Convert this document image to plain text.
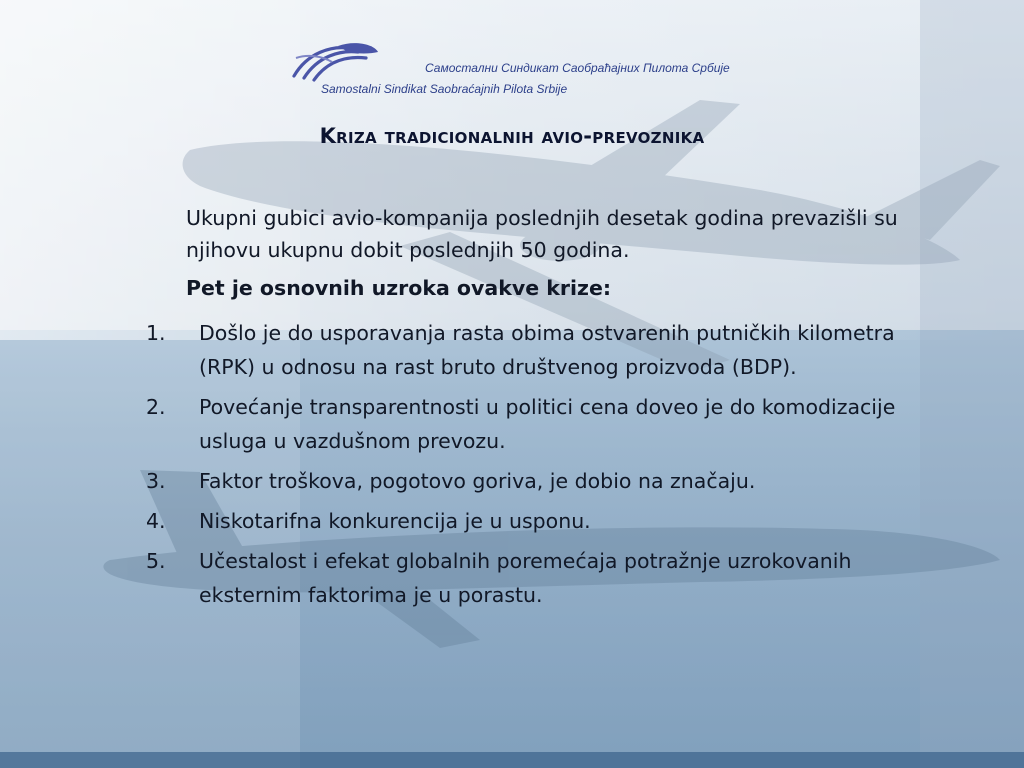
Самостални Синдикат Саобраћајних Пилота Србије
Samostalni Sindikat Saobraćajnih Pilota Srbije
Kriza tradicionalnih avio-prevoznika
Ukupni gubici avio-kompanija poslednjih desetak godina prevazišli su njihovu ukupnu dobit poslednjih 50 godina.
Pet je osnovnih uzroka ovakve krize:
1. Došlo je do usporavanja rasta obima ostvarenih putničkih kilometra (RPK) u odnosu na rast bruto društvenog proizvoda (BDP).
2. Povećanje transparentnosti u politici cena doveo je do komodizacije usluga u vazdušnom prevozu.
3. Faktor troškova, pogotovo goriva, je dobio na značaju.
4. Niskotarifna konkurencija je u usponu.
5. Učestalost i efekat globalnih poremećaja potražnje uzrokovanih eksternim faktorima je u porastu.
